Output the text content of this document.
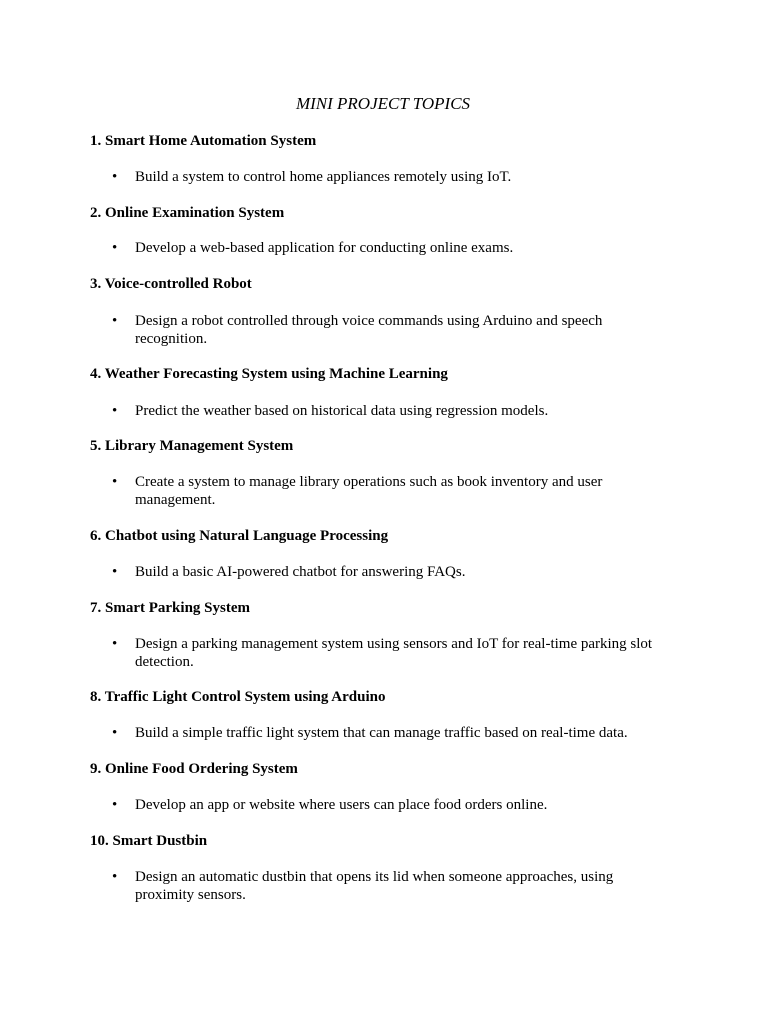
MINI PROJECT TOPICS
1. Smart Home Automation System
•	Build a system to control home appliances remotely using IoT.
2. Online Examination System
•	Develop a web-based application for conducting online exams.
3. Voice-controlled Robot
•	Design a robot controlled through voice commands using Arduino and speech recognition.
4. Weather Forecasting System using Machine Learning
•	Predict the weather based on historical data using regression models.
5. Library Management System
•	Create a system to manage library operations such as book inventory and user management.
6. Chatbot using Natural Language Processing
•	Build a basic AI-powered chatbot for answering FAQs.
7. Smart Parking System
•	Design a parking management system using sensors and IoT for real-time parking slot detection.
8. Traffic Light Control System using Arduino
•	Build a simple traffic light system that can manage traffic based on real-time data.
9. Online Food Ordering System
•	Develop an app or website where users can place food orders online.
10. Smart Dustbin
•	Design an automatic dustbin that opens its lid when someone approaches, using proximity sensors.
